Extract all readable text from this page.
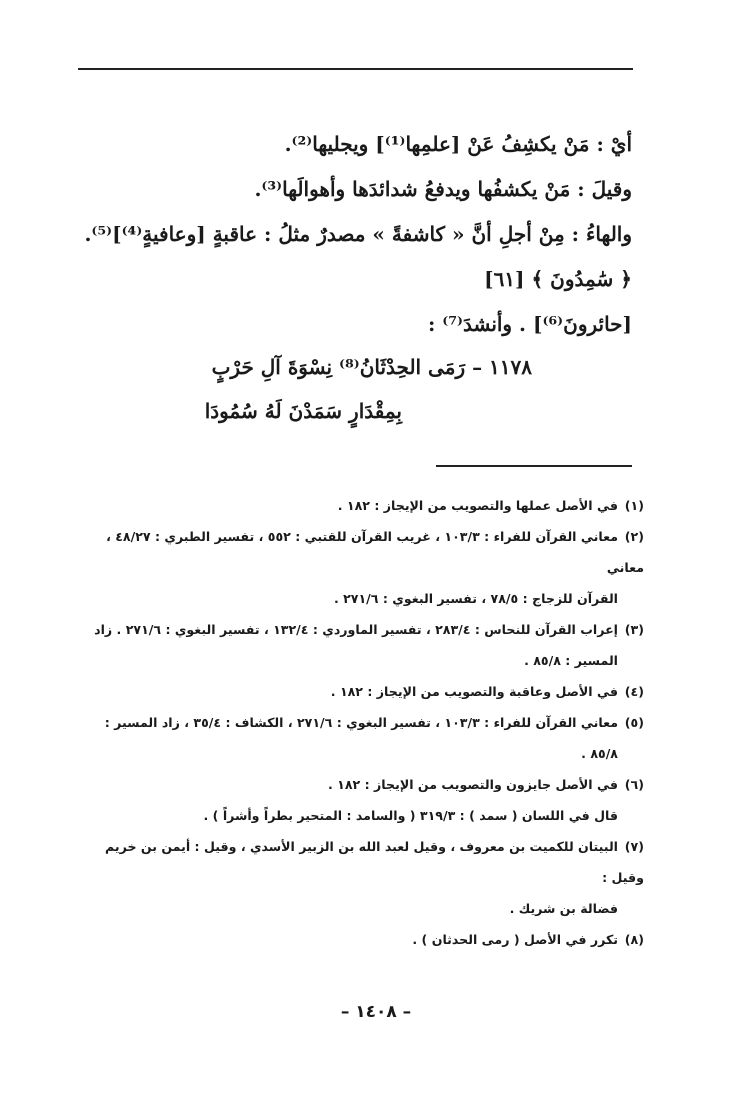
أيْ : مَنْ يكشِفُ عَنْ [علمِها⁽¹⁾] ويجليها⁽²⁾.
وقيلَ : مَنْ يكشفُها ويدفعُ شدائدَها وأهوالَها⁽³⁾.
والهاءُ : مِنْ أجلِ أنَّ « كاشفةً » مصدرٌ مثلُ : عاقبةٍ [وعافيةٍ⁽⁴⁾]⁽⁵⁾.
﴿ سَٰمِدُونَ ﴾ [٦١]
[حائرونَ⁽⁶⁾] . وأنشدَ⁽⁷⁾ :
١١٧٨ – رَمَى الحِدْثَانُ⁽⁸⁾ نِسْوَةَ آلِ حَرْبٍ
بِمِقْدَارٍ سَمَدْنَ لَهُ سُمُودَا
(١)في الأصل عملها والتصويب من الإيجاز : ١٨٢ .
(٢)معاني القرآن للفراء : ١٠٣/٣ ، غريب القرآن للقتبي : ٥٥٢ ، تفسير الطبري : ٤٨/٢٧ ، معاني
القرآن للزجاج : ٧٨/٥ ، تفسير البغوي : ٢٧١/٦ .
(٣)إعراب القرآن للنحاس : ٢٨٣/٤ ، تفسير الماوردي : ١٣٢/٤ ، تفسير البغوي : ٢٧١/٦ . زاد
المسير : ٨٥/٨ .
(٤)في الأصل وعاقبة والتصويب من الإيجاز : ١٨٢ .
(٥)معاني القرآن للفراء : ١٠٣/٣ ، تفسير البغوي : ٢٧١/٦ ، الكشاف : ٣٥/٤ ، زاد المسير :
٨٥/٨ .
(٦)في الأصل جايزون والتصويب من الإيجاز : ١٨٢ .
قال في اللسان ( سمد ) : ٣١٩/٣ ( والسامد : المتحير بطراً وأشراً ) .
(٧)البيتان للكميت بن معروف ، وقيل لعبد الله بن الزبير الأسدي ، وقيل : أيمن بن خريم وقيل :
فضالة بن شريك .
(٨)تكرر في الأصل ( رمى الحدثان ) .
– ١٤٠٨ –
